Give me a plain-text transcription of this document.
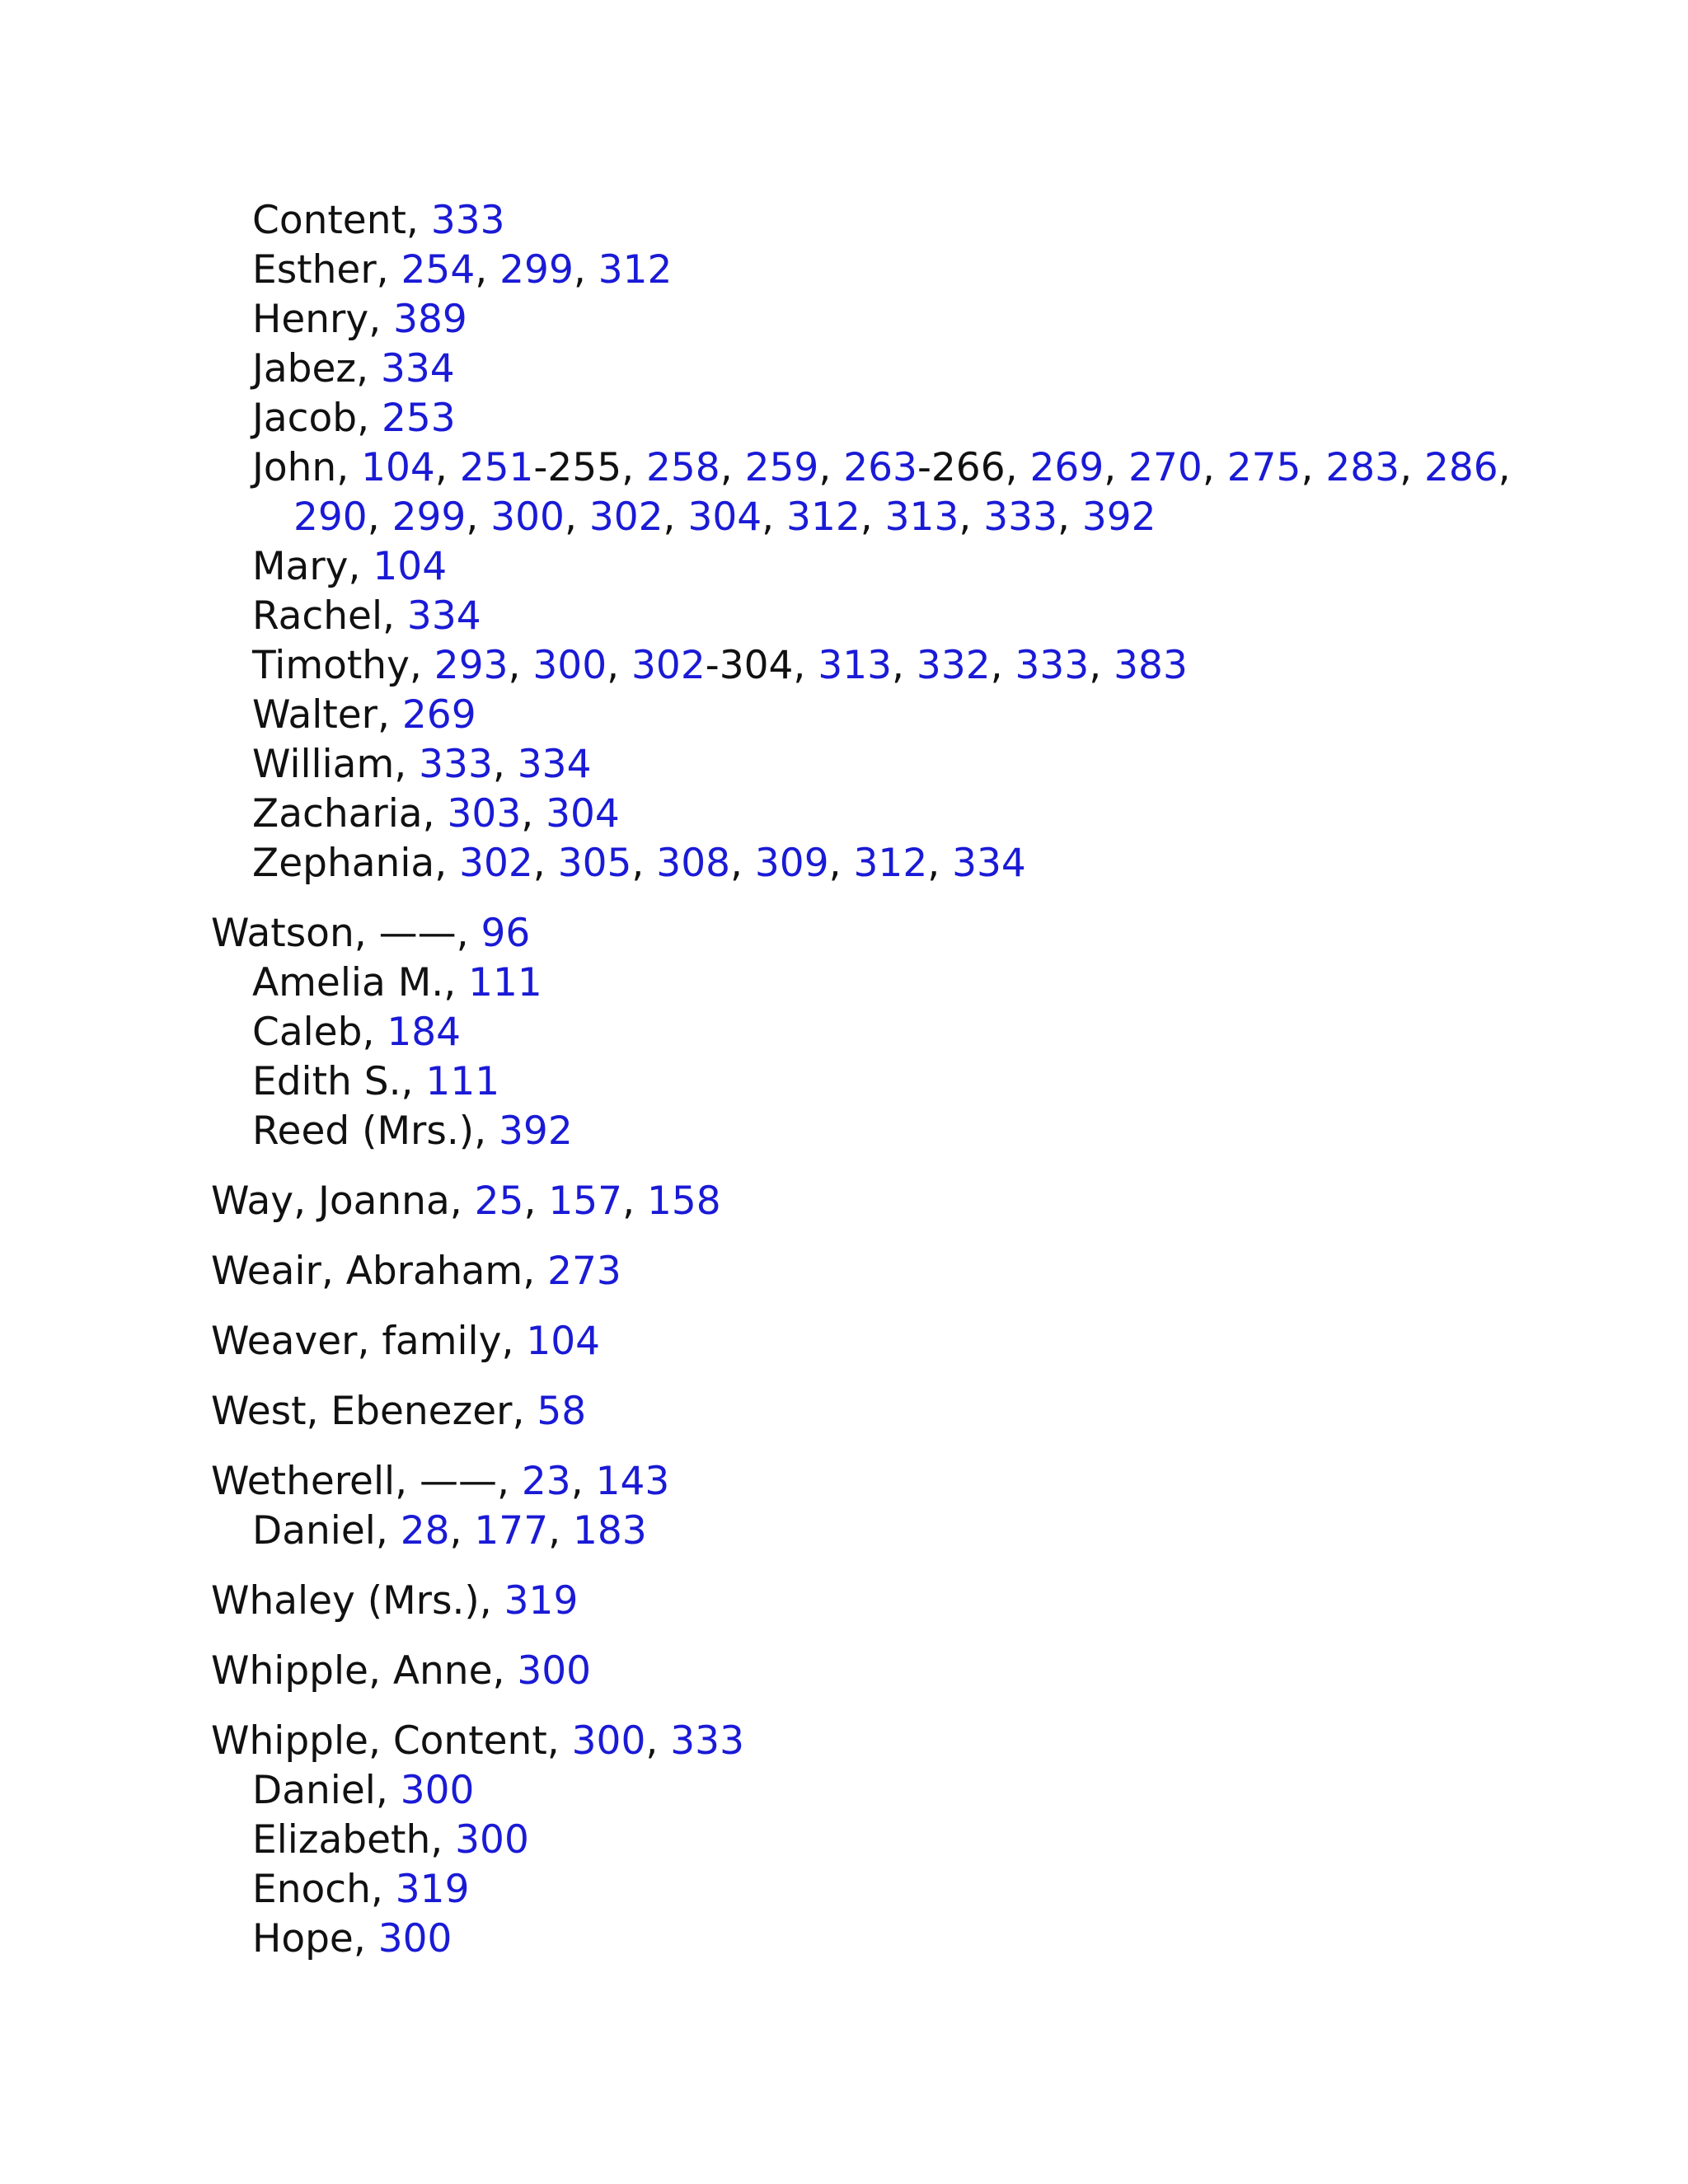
Content, 333
Esther, 254, 299, 312
Henry, 389
Jabez, 334
Jacob, 253
John, 104, 251-255, 258, 259, 263-266, 269, 270, 275, 283, 286,
290, 299, 300, 302, 304, 312, 313, 333, 392
Mary, 104
Rachel, 334
Timothy, 293, 300, 302-304, 313, 332, 333, 383
Walter, 269
William, 333, 334
Zacharia, 303, 304
Zephania, 302, 305, 308, 309, 312, 334
Watson, ——, 96
Amelia M., 111
Caleb, 184
Edith S., 111
Reed (Mrs.), 392
Way, Joanna, 25, 157, 158
Weair, Abraham, 273
Weaver, family, 104
West, Ebenezer, 58
Wetherell, ——, 23, 143
Daniel, 28, 177, 183
Whaley (Mrs.), 319
Whipple, Anne, 300
Whipple, Content, 300, 333
Daniel, 300
Elizabeth, 300
Enoch, 319
Hope, 300
